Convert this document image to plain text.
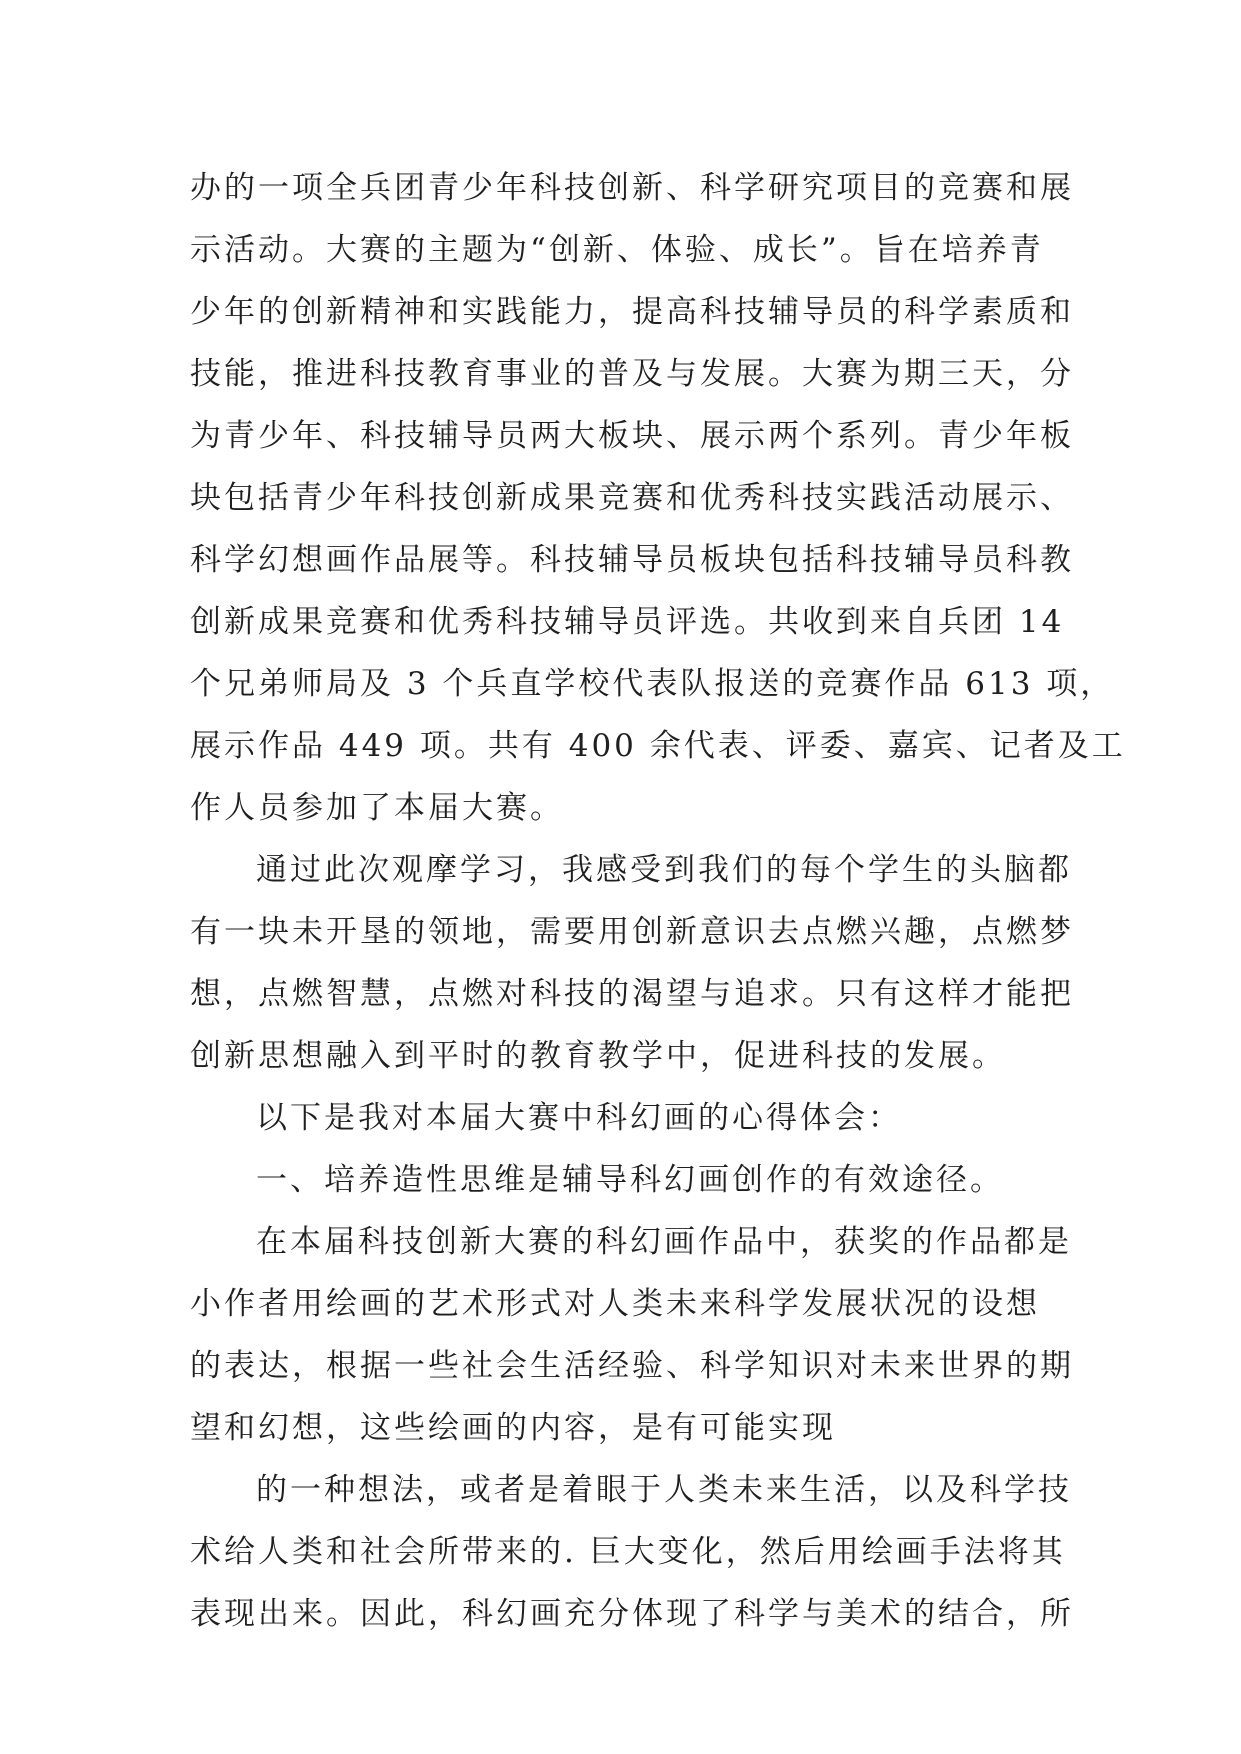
办的一项全兵团青少年科技创新、科学研究项目的竞赛和展
示活动。大赛的主题为“创新、体验、成长”。旨在培养青
少年的创新精神和实践能力，提高科技辅导员的科学素质和
技能，推进科技教育事业的普及与发展。大赛为期三天，分
为青少年、科技辅导员两大板块、展示两个系列。青少年板
块包括青少年科技创新成果竞赛和优秀科技实践活动展示、
科学幻想画作品展等。科技辅导员板块包括科技辅导员科教
创新成果竞赛和优秀科技辅导员评选。共收到来自兵团 14
个兄弟师局及 3 个兵直学校代表队报送的竞赛作品 613 项，
展示作品 449 项。共有 400 余代表、评委、嘉宾、记者及工
作人员参加了本届大赛。
通过此次观摩学习，我感受到我们的每个学生的头脑都
有一块未开垦的领地，需要用创新意识去点燃兴趣，点燃梦
想，点燃智慧，点燃对科技的渴望与追求。只有这样才能把
创新思想融入到平时的教育教学中，促进科技的发展。
以下是我对本届大赛中科幻画的心得体会：
一、培养造性思维是辅导科幻画创作的有效途径。
在本届科技创新大赛的科幻画作品中，获奖的作品都是
小作者用绘画的艺术形式对人类未来科学发展状况的设想
的表达，根据一些社会生活经验、科学知识对未来世界的期
望和幻想，这些绘画的内容，是有可能实现
的一种想法，或者是着眼于人类未来生活，以及科学技
术给人类和社会所带来的. 巨大变化，然后用绘画手法将其
表现出来。因此，科幻画充分体现了科学与美术的结合，所
